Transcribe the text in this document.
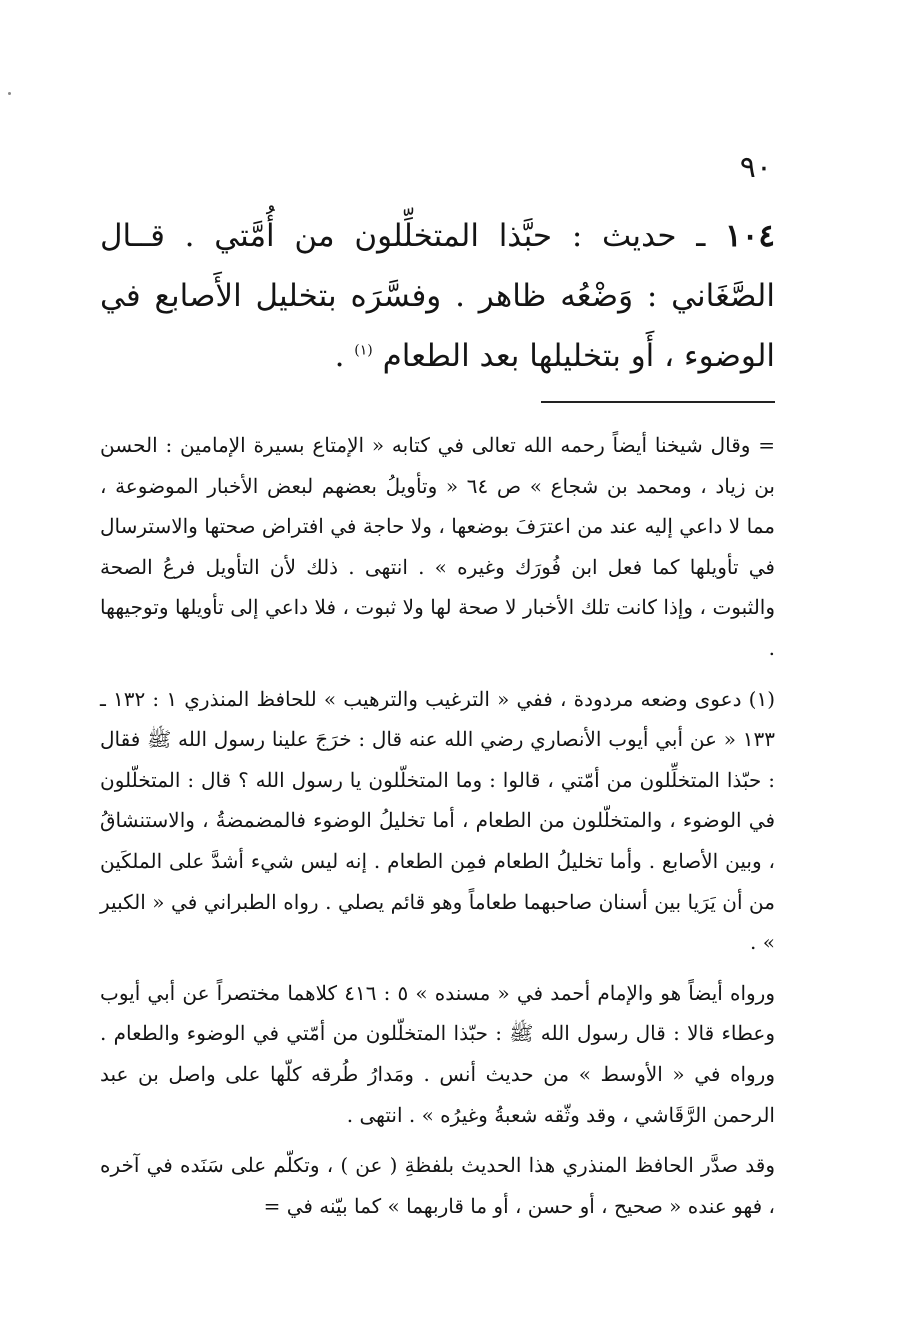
٩٠

١٠٤ ـ حديث : حبَّذا المتخلِّلون من أُمَّتي . قــال الصَّغَاني : وَضْعُه ظاهر . وفسَّرَه بتخليل الأَصابع في الوضوء ، أَو بتخليلها بعد الطعام $^{(١)}$ .

= وقال شيخنا أيضاً رحمه الله تعالى في كتابه « الإمتاع بسيرة الإمامين : الحسن بن زياد ، ومحمد بن شجاع » ص ٦٤ « وتأويلُ بعضهم لبعض الأخبار الموضوعة ، مما لا داعي إليه عند من اعترَفَ بوضعها ، ولا حاجة في افتراض صحتها والاسترسال في تأويلها كما فعل ابن فُورَك وغيره » . انتهى . ذلك لأن التأويل فرعُ الصحة والثبوت ، وإذا كانت تلك الأخبار لا صحة لها ولا ثبوت ، فلا داعي إلى تأويلها وتوجيهها .

(١) دعوى وضعه مردودة ، ففي « الترغيب والترهيب » للحافظ المنذري ١ : ١٣٢ ـ ١٣٣ « عن أبي أيوب الأنصاري رضي الله عنه قال : خرَجَ علينا رسول الله ﷺ فقال : حبّذا المتخلِّلون من أمّتي ، قالوا : وما المتخلّلون يا رسول الله ؟ قال : المتخلّلون في الوضوء ، والمتخلّلون من الطعام ، أما تخليلُ الوضوء فالمضمضةُ ، والاستنشاقُ ، وبين الأصابع . وأما تخليلُ الطعام فمِن الطعام . إنه ليس شيء أشدَّ على الملكَين من أن يَرَيا بين أسنان صاحبهما طعاماً وهو قائم يصلي . رواه الطبراني في « الكبير » .

ورواه أيضاً هو والإمام أحمد في « مسنده » ٥ : ٤١٦ كلاهما مختصراً عن أبي أيوب وعطاء قالا : قال رسول الله ﷺ : حبّذا المتخلّلون من أمّتي في الوضوء والطعام . ورواه في « الأوسط » من حديث أنس . ومَدارُ طُرقه كلّها على واصل بن عبد الرحمن الرَّقَاشي ، وقد وثّقه شعبةُ وغيرُه » . انتهى .

وقد صدَّر الحافظ المنذري هذا الحديث بلفظةِ ( عن ) ، وتكلّم على سَنَده في آخره ، فهو عنده « صحيح ، أو حسن ، أو ما قاربهما » كما بيّنه في =
